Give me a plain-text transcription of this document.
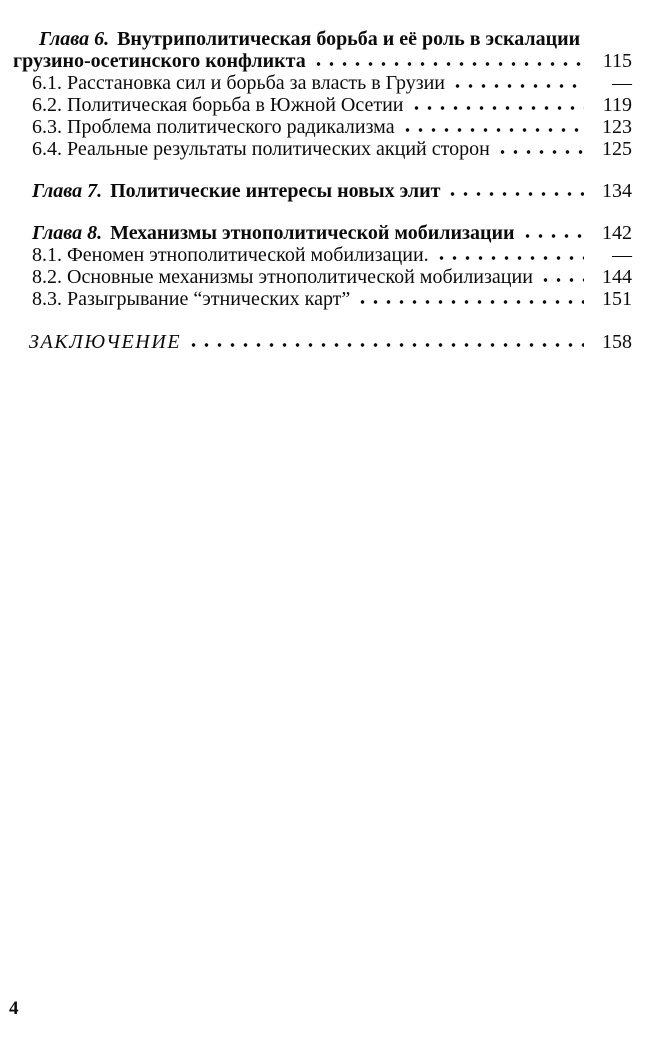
Глава 6. Внутриполитическая борьба и её роль в эскалации
грузино-осетинского конфликта	115
6.1. Расстановка сил и борьба за власть в Грузии	—
6.2. Политическая борьба в Южной Осетии	119
6.3. Проблема политического радикализма	123
6.4. Реальные результаты политических акций сторон	125
Глава 7. Политические интересы новых элит	134
Глава 8. Механизмы этнополитической мобилизации	142
8.1. Феномен этнополитической мобилизации.	—
8.2. Основные механизмы этнополитической мобилизации	144
8.3. Разыгрывание “этнических карт”	151
ЗАКЛЮЧЕНИЕ	158
4
